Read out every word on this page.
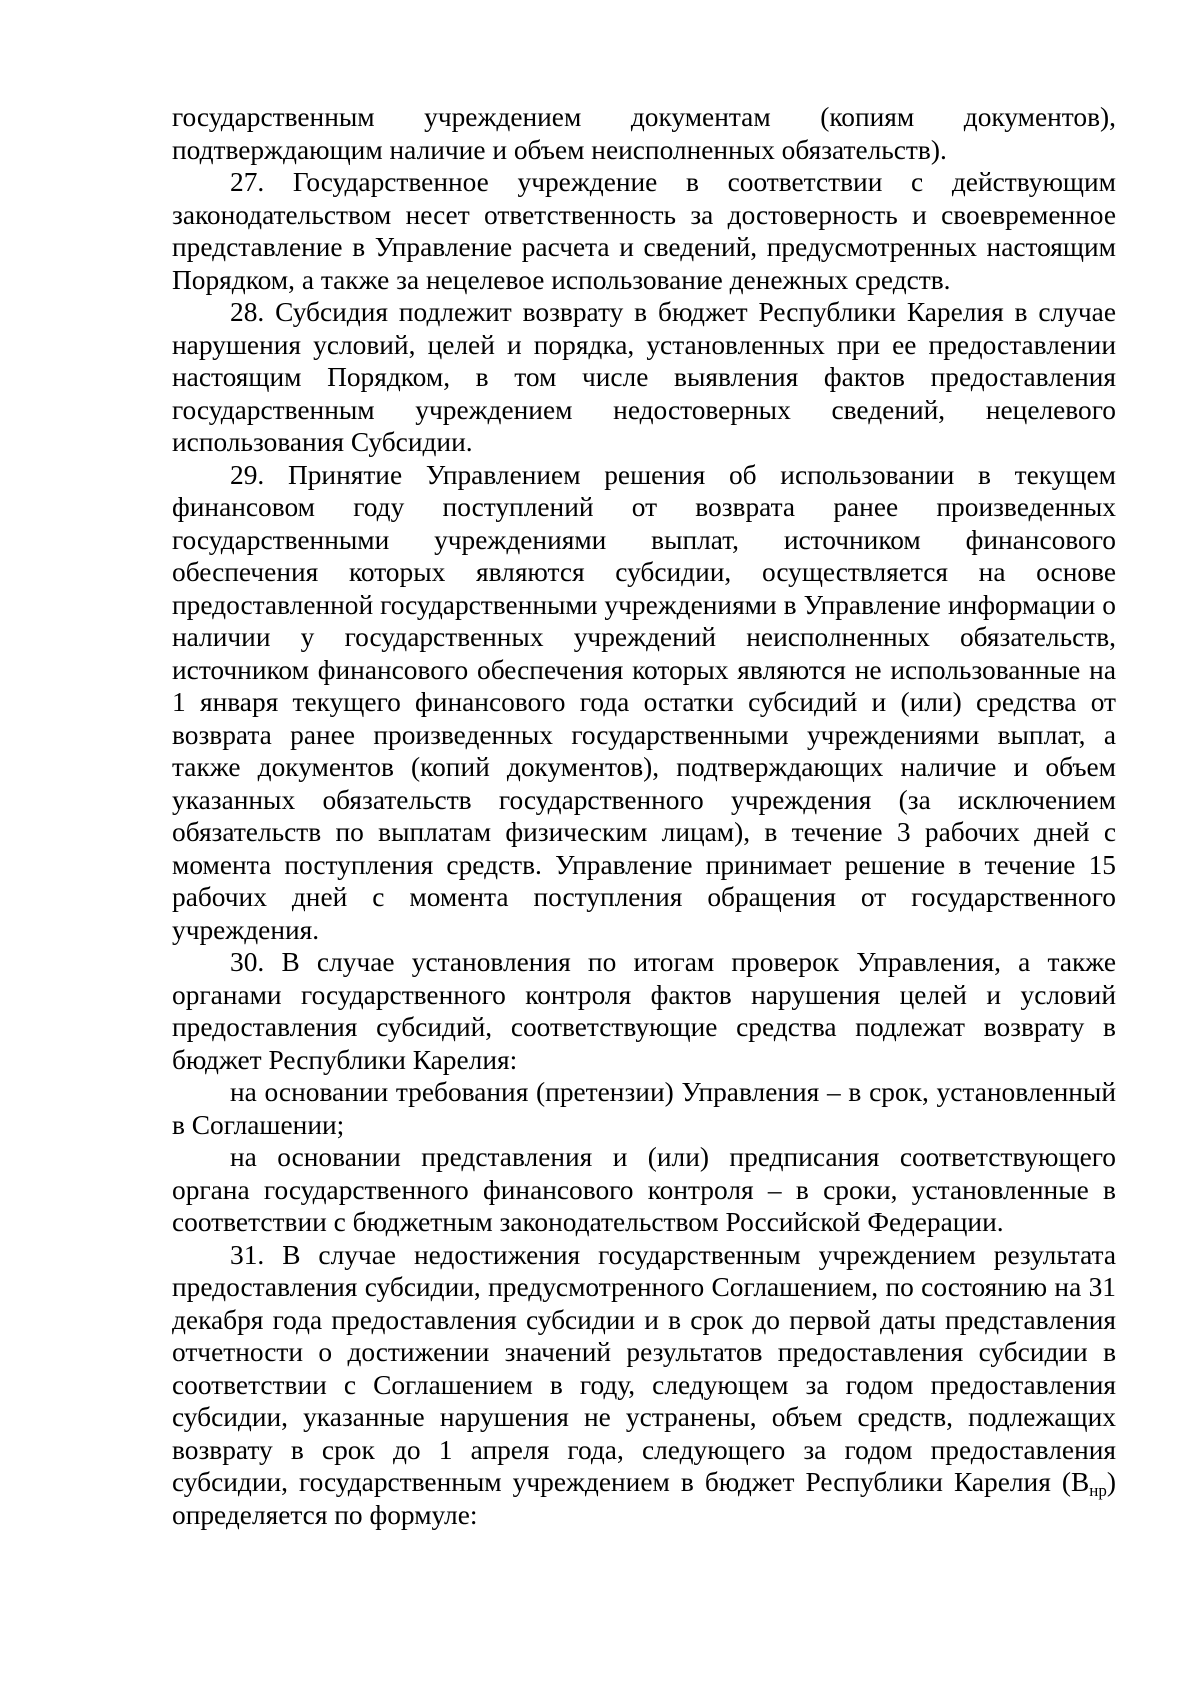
государственным учреждением документам (копиям документов), подтверждающим наличие и объем неисполненных обязательств).

27. Государственное учреждение в соответствии с действующим законодательством несет ответственность за достоверность и своевременное представление в Управление расчета и сведений, предусмотренных настоящим Порядком, а также за нецелевое использование денежных средств.

28. Субсидия подлежит возврату в бюджет Республики Карелия в случае нарушения условий, целей и порядка, установленных при ее предоставлении настоящим Порядком, в том числе выявления фактов предоставления государственным учреждением недостоверных сведений, нецелевого использования Субсидии.

29. Принятие Управлением решения об использовании в текущем финансовом году поступлений от возврата ранее произведенных государственными учреждениями выплат, источником финансового обеспечения которых являются субсидии, осуществляется на основе предоставленной государственными учреждениями в Управление информации о наличии у государственных учреждений неисполненных обязательств, источником финансового обеспечения которых являются не использованные на 1 января текущего финансового года остатки субсидий и (или) средства от возврата ранее произведенных государственными учреждениями выплат, а также документов (копий документов), подтверждающих наличие и объем указанных обязательств государственного учреждения (за исключением обязательств по выплатам физическим лицам), в течение 3 рабочих дней с момента поступления средств. Управление принимает решение в течение 15 рабочих дней с момента поступления обращения от государственного учреждения.

30. В случае установления по итогам проверок Управления, а также органами государственного контроля фактов нарушения целей и условий предоставления субсидий, соответствующие средства подлежат возврату в бюджет Республики Карелия:

на основании требования (претензии) Управления – в срок, установленный в Соглашении;

на основании представления и (или) предписания соответствующего органа государственного финансового контроля – в сроки, установленные в соответствии с бюджетным законодательством Российской Федерации.

31. В случае недостижения государственным учреждением результата предоставления субсидии, предусмотренного Соглашением, по состоянию на 31 декабря года предоставления субсидии и в срок до первой даты представления отчетности о достижении значений результатов предоставления субсидии в соответствии с Соглашением в году, следующем за годом предоставления субсидии, указанные нарушения не устранены, объем средств, подлежащих возврату в срок до 1 апреля года, следующего за годом предоставления субсидии, государственным учреждением в бюджет Республики Карелия $(В_{нр})$ определяется по формуле:
